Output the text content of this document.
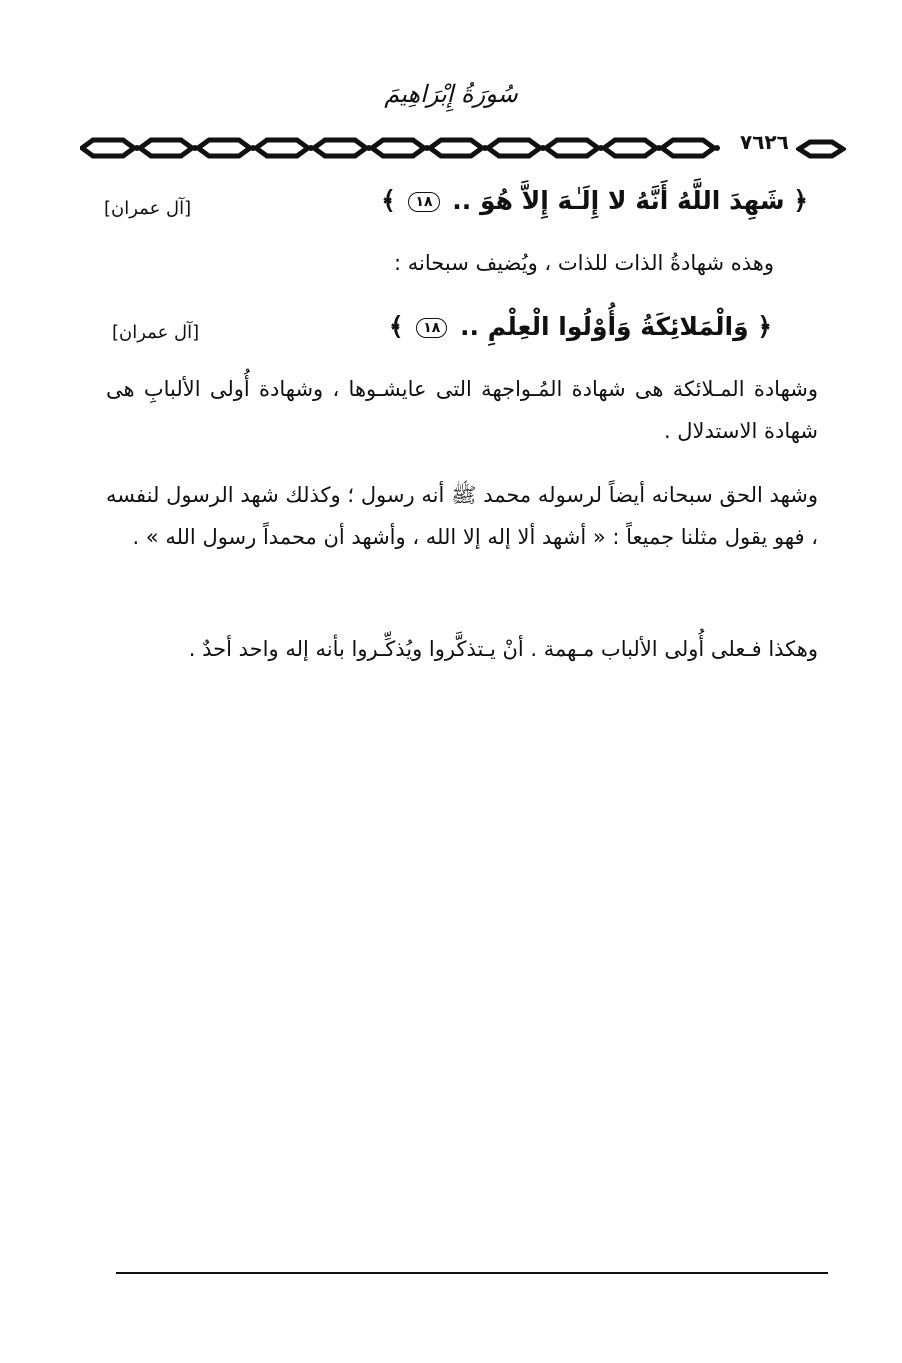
سُورَةُ إِبْرَاهِيمَ
٧٦٢٦
﴿ شَهِدَ اللَّهُ أَنَّهُ لا إِلَـٰهَ إِلاَّ هُوَ .. ١٨ ﴾
[آل عمران]
وهذه شهادةُ الذات للذات ، ويُضيف سبحانه :
﴿ وَالْمَلائِكَةُ وَأُوْلُوا الْعِلْمِ .. ١٨ ﴾
[آل عمران]
وشهادة المـلائكة هى شهادة المُـواجهة التى عايشـوها ، وشهادة أُولى الألبابِ هى شهادة الاستدلال .
وشهد الحق سبحانه أيضاً لرسوله محمد ﷺ أنه رسول ؛ وكذلك شهد الرسول لنفسه ، فهو يقول مثلنا جميعاً : « أشهد ألا إله إلا الله ، وأشهد أن محمداً رسول الله » .
وهكذا فـعلى أُولى الألباب مـهمة . أنْ يـتذكَّروا ويُذكِّـروا بأنه إله واحد أحدٌ .
